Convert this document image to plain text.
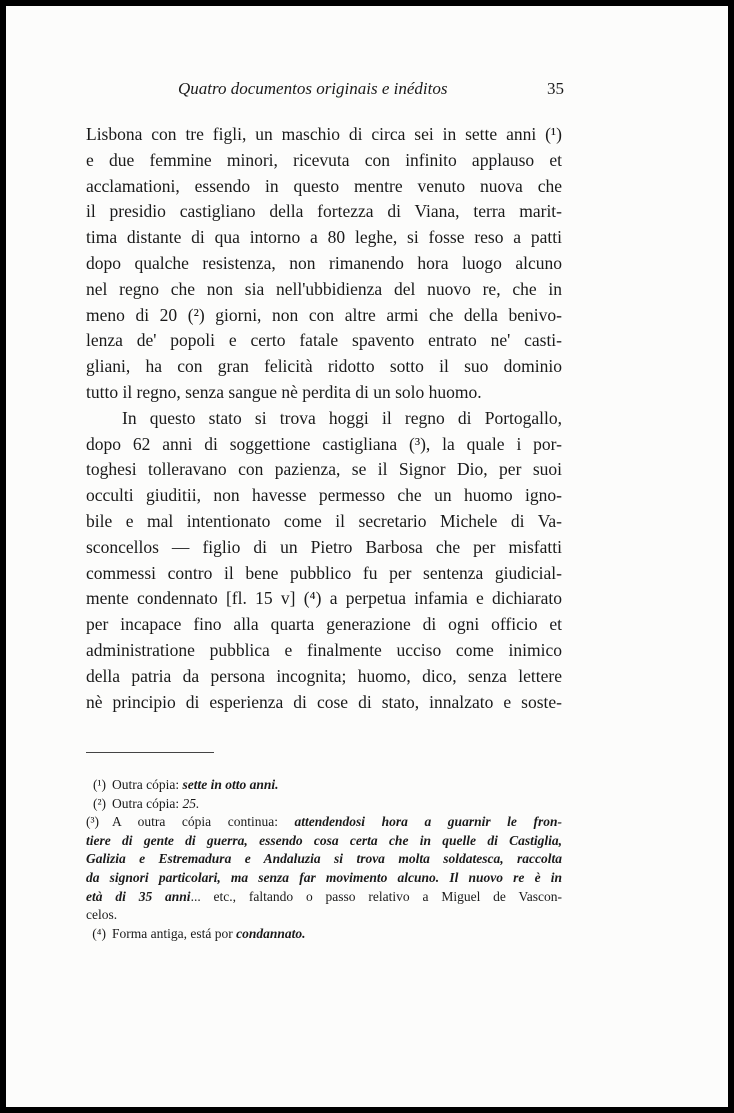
Quatro documentos originais e inéditos	35
Lisbona con tre figli, un maschio di circa sei in sette anni (¹)
e due femmine minori, ricevuta con infinito applauso et
acclamationi, essendo in questo mentre venuto nuova che
il presidio castigliano della fortezza di Viana, terra marit-
tima distante di qua intorno a 80 leghe, si fosse reso a patti
dopo qualche resistenza, non rimanendo hora luogo alcuno
nel regno che non sia nell'ubbidienza del nuovo re, che in
meno di 20 (²) giorni, non con altre armi che della benivo-
lenza de' popoli e certo fatale spavento entrato ne' casti-
gliani, ha con gran felicità ridotto sotto il suo dominio
tutto il regno, senza sangue nè perdita di un solo huomo.
In questo stato si trova hoggi il regno di Portogallo,
dopo 62 anni di soggettione castigliana (³), la quale i por-
toghesi tolleravano con pazienza, se il Signor Dio, per suoi
occulti giuditii, non havesse permesso che un huomo igno-
bile e mal intentionato come il secretario Michele di Va-
sconcellos — figlio di un Pietro Barbosa che per misfatti
commessi contro il bene pubblico fu per sentenza giudicial-
mente condennato [fl. 15 v] (⁴) a perpetua infamia e dichiarato
per incapace fino alla quarta generazione di ogni officio et
administratione pubblica e finalmente ucciso come inimico
della patria da persona incognita; huomo, dico, senza lettere
nè principio di esperienza di cose di stato, innalzato e soste-
(¹) Outra cópia: sette in otto anni.
(²) Outra cópia: 25.
(³) A outra cópia continua: attendendosi hora a guarnir le fron-
tiere di gente di guerra, essendo cosa certa che in quelle di Castiglia,
Galizia e Estremadura e Andaluzia si trova molta soldatesca, raccolta
da signori particolari, ma senza far movimento alcuno. Il nuovo re è in
età di 35 anni... etc., faltando o passo relativo a Miguel de Vascon-
celos.
(⁴) Forma antiga, está por condannato.
